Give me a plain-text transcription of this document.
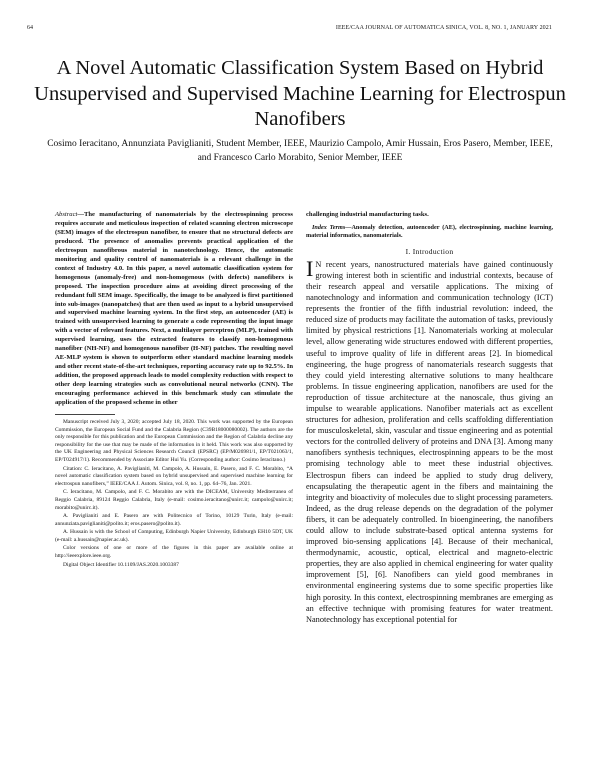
64	IEEE/CAA JOURNAL OF AUTOMATICA SINICA, VOL. 8, NO. 1, JANUARY 2021
A Novel Automatic Classification System Based on Hybrid Unsupervised and Supervised Machine Learning for Electrospun Nanofibers
Cosimo Ieracitano, Annunziata Paviglianiti, Student Member, IEEE, Maurizio Campolo, Amir Hussain, Eros Pasero, Member, IEEE, and Francesco Carlo Morabito, Senior Member, IEEE

Abstract—The manufacturing of nanomaterials by the electrospinning process requires accurate and meticulous inspection of related scanning electron microscope (SEM) images of the electrospun nanofiber, to ensure that no structural defects are produced. The presence of anomalies prevents practical application of the electrospun nanofibrous material in nanotechnology. Hence, the automatic monitoring and quality control of nanomaterials is a relevant challenge in the context of Industry 4.0. In this paper, a novel automatic classification system for homogenous (anomaly-free) and non-homogenous (with defects) nanofibers is proposed. The inspection procedure aims at avoiding direct processing of the redundant full SEM image. Specifically, the image to be analyzed is first partitioned into sub-images (nanopatches) that are then used as input to a hybrid unsupervised and supervised machine learning system. In the first step, an autoencoder (AE) is trained with unsupervised learning to generate a code representing the input image with a vector of relevant features. Next, a multilayer perceptron (MLP), trained with supervised learning, uses the extracted features to classify non-homogenous nanofiber (NH-NF) and homogenous nanofiber (H-NF) patches. The resulting novel AE-MLP system is shown to outperform other standard machine learning models and other recent state-of-the-art techniques, reporting accuracy rate up to 92.5%. In addition, the proposed approach leads to model complexity reduction with respect to other deep learning strategies such as convolutional neural networks (CNN). The encouraging performance achieved in this benchmark study can stimulate the application of the proposed scheme in other

Manuscript received July 3, 2020; accepted July 18, 2020. This work was supported by the European Commission, the European Social Fund and the Calabria Region (C39B18000080002). The authors are the only responsible for this publication and the European Commission and the Region of Calabria decline any responsibility for the use that may be made of the information in it held. This work was also supported by the UK Engineering and Physical Sciences Research Council (EPSRC) (EP/M026981/1, EP/T021063/1, EP/T024917/1). Recommended by Associate Editor Hui Yu. (Corresponding author: Cosimo Ieracitano.)

Citation: C. Ieracitano, A. Paviglianiti, M. Campolo, A. Hussain, E. Pasero, and F. C. Morabito, “A novel automatic classification system based on hybrid unsupervised and supervised machine learning for electrospun nanofibers,” IEEE/CAA J. Autom. Sinica, vol. 8, no. 1, pp. 64–76, Jan. 2021.

C. Ieracitano, M. Campolo, and F. C. Morabito are with the DICEAM, University Mediterranea of Reggio Calabria, 89124 Reggio Calabria, Italy (e-mail: cosimo.ieracitano@unirc.it; campolo@unirc.it; morabito@unirc.it).

A. Paviglianiti and E. Pasero are with Politecnico of Torino, 10129 Turin, Italy (e-mail: annunziata.paviglianiti@polito.it; eros.pasero@polito.it).

A. Hussain is with the School of Computing, Edinburgh Napier University, Edinburgh EH10 5DT, UK (e-mail: a.hussain@napier.ac.uk).

Color versions of one or more of the figures in this paper are available online at http://ieeexplore.ieee.org.

Digital Object Identifier 10.1109/JAS.2020.1003387

challenging industrial manufacturing tasks.

Index Terms—Anomaly detection, autoencoder (AE), electrospinning, machine learning, material informatics, nanomaterials.

I. Introduction

I N recent years, nanostructured materials have gained continuously growing interest both in scientific and industrial contexts, because of their research appeal and versatile applications. The mixing of nanotechnology and information and communication technology (ICT) represents the frontier of the fifth industrial revolution: indeed, the reduced size of products may facilitate the automation of tasks, previously limited by physical restrictions [1]. Nanomaterials working at molecular level, allow generating wide structures endowed with different properties, useful to improve quality of life in different areas [2]. In biomedical engineering, the huge progress of nanomaterials research suggests that they could yield interesting alternative solutions to many healthcare problems. In tissue engineering application, nanofibers are used for the reproduction of tissue architecture at the nanoscale, thus giving an impulse to wearable applications. Nanofiber materials act as excellent structures for adhesion, proliferation and cells scaffolding differentiation for musculoskeletal, skin, vascular and tissue engineering and as potential vectors for the controlled delivery of proteins and DNA [3]. Among many nanofibers synthesis techniques, electrospinning appears to be the most promising technology able to meet these industrial objectives. Electrospun fibers can indeed be applied to study drug delivery, encapsulating the therapeutic agent in the fibers and maintaining the integrity and bioactivity of molecules due to slight processing parameters. Indeed, as the drug release depends on the degradation of the polymer fibers, it can be adequately controlled. In bioengineering, the nanofibers could allow to include substrate-based optical antenna systems for improved bio-sensing applications [4]. Because of their mechanical, thermodynamic, acoustic, optical, electrical and magneto-electric properties, they are also applied in chemical engineering for water quality improvement [5], [6]. Nanofibers can yield good membranes in environmental engineering systems due to some specific properties like high porosity. In this context, electrospinning membranes are emerging as an effective technique with promising features for water treatment. Nanotechnology has exceptional potential for
